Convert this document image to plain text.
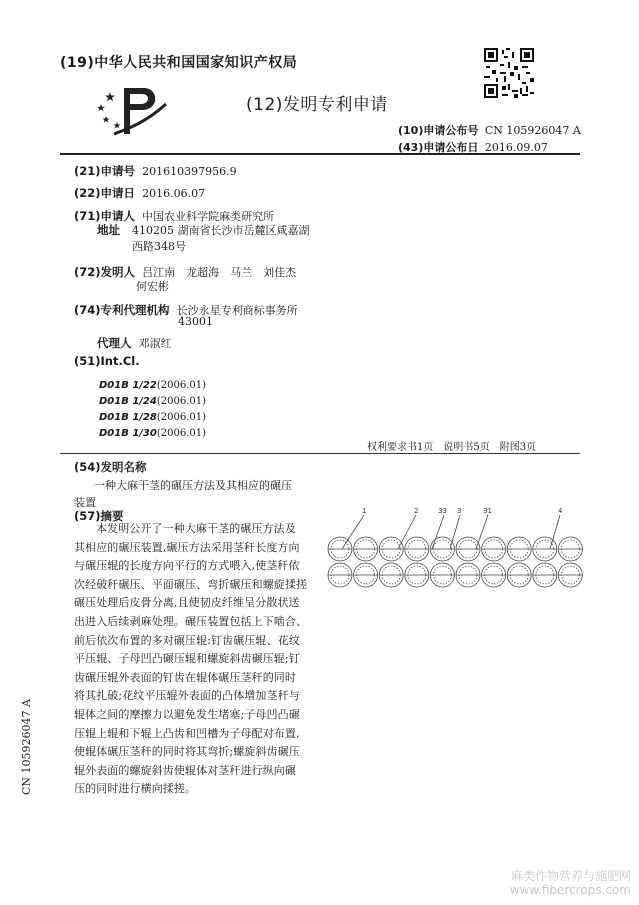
(19)中华人民共和国国家知识产权局
(12)发明专利申请
(10)申请公布号 CN 105926047 A
(43)申请公布日 2016.09.07
(21)申请号 201610397956.9
(22)申请日 2016.06.07
(71)申请人 中国农业科学院麻类研究所
地址 410205 湖南省长沙市岳麓区咸嘉湖
西路348号
(72)发明人 吕江南　龙超海　马兰　刘佳杰
何宏彬
(74)专利代理机构 长沙永星专利商标事务所
43001
代理人 邓淑红
(51)Int.Cl.
D01B 1/22(2006.01)
D01B 1/24(2006.01)
D01B 1/28(2006.01)
D01B 1/30(2006.01)
权利要求书1页　说明书5页　附图3页
(54)发明名称
一种大麻干茎的碾压方法及其相应的碾压
装置
(57)摘要

本发明公开了一种大麻干茎的碾压方法及

其相应的碾压装置,碾压方法采用茎秆长度方向

与碾压辊的长度方向平行的方式喂入,使茎秆依

次经破秆碾压、平面碾压、弯折碾压和螺旋揉搓

碾压处理后皮骨分离,且使韧皮纤维呈分散状送

出进入后续剥麻处理。碾压装置包括上下啮合、

前后依次布置的多对碾压辊:钉齿碾压辊、花纹

平压辊、子母凹凸碾压辊和螺旋斜齿碾压辊;钉

齿碾压辊外表面的钉齿在辊体碾压茎秆的同时

将其扎破;花纹平压辊外表面的凸体增加茎秆与

辊体之间的摩擦力以避免发生堵塞;子母凹凸碾

压辊上辊和下辊上凸齿和凹槽为子母配对布置,

使辊体碾压茎秆的同时将其弯折;螺旋斜齿碾压

辊外表面的螺旋斜齿使辊体对茎秆进行纵向碾

压的同时进行横向揉搓。

1	2	33 3	31	4
CN 105926047 A
麻类作物营养与施肥网
www.fibercrops.com
